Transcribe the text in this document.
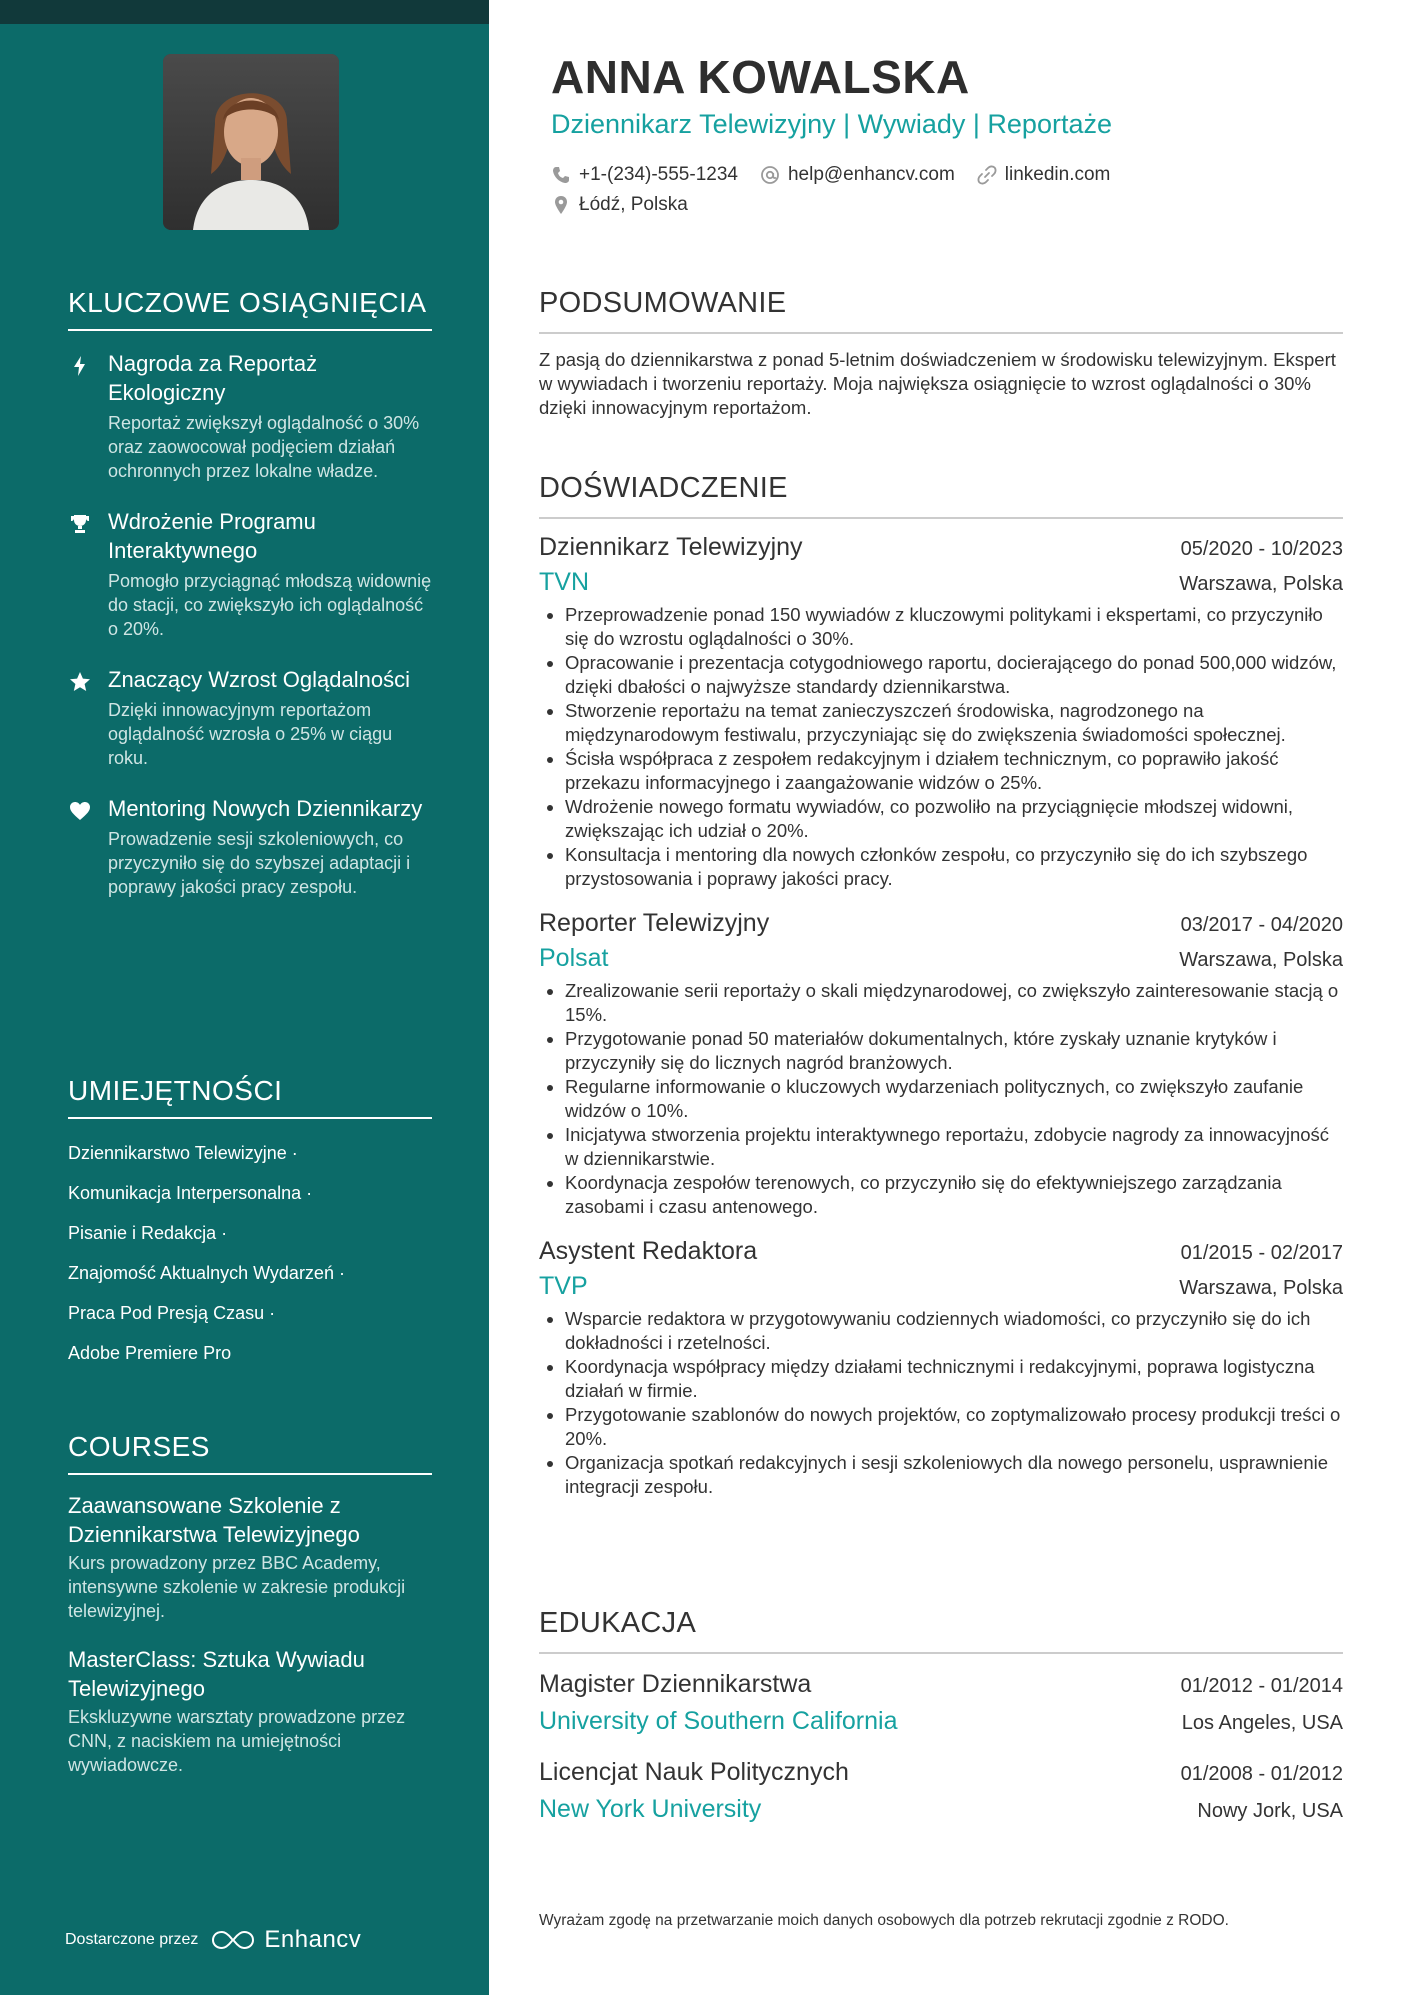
KLUCZOWE OSIĄGNIĘCIA
Nagroda za Reportaż Ekologiczny
Reportaż zwiększył oglądalność o 30% oraz zaowocował podjęciem działań ochronnych przez lokalne władze.
Wdrożenie Programu Interaktywnego
Pomogło przyciągnąć młodszą widownię do stacji, co zwiększyło ich oglądalność o 20%.
Znaczący Wzrost Oglądalności
Dzięki innowacyjnym reportażom oglądalność wzrosła o 25% w ciągu roku.
Mentoring Nowych Dziennikarzy
Prowadzenie sesji szkoleniowych, co przyczyniło się do szybszej adaptacji i poprawy jakości pracy zespołu.
UMIEJĘTNOŚCI
Dziennikarstwo Telewizyjne ·
Komunikacja Interpersonalna ·
Pisanie i Redakcja ·
Znajomość Aktualnych Wydarzeń ·
Praca Pod Presją Czasu ·
Adobe Premiere Pro
COURSES
Zaawansowane Szkolenie z Dziennikarstwa Telewizyjnego
Kurs prowadzony przez BBC Academy, intensywne szkolenie w zakresie produkcji telewizyjnej.
MasterClass: Sztuka Wywiadu Telewizyjnego
Ekskluzywne warsztaty prowadzone przez CNN, z naciskiem na umiejętności wywiadowcze.
Dostarczone przez	Enhancv
ANNA KOWALSKA
Dziennikarz Telewizyjny | Wywiady | Reportaże
+1-(234)-555-1234	help@enhancv.com	linkedin.com
Łódź, Polska
PODSUMOWANIE
Z pasją do dziennikarstwa z ponad 5-letnim doświadczeniem w środowisku telewizyjnym. Ekspert w wywiadach i tworzeniu reportaży. Moja największa osiągnięcie to wzrost oglądalności o 30% dzięki innowacyjnym reportażom.
DOŚWIADCZENIE
Dziennikarz Telewizyjny	05/2020 - 10/2023
TVN	Warszawa, Polska
• Przeprowadzenie ponad 150 wywiadów z kluczowymi politykami i ekspertami, co przyczyniło się do wzrostu oglądalności o 30%.
• Opracowanie i prezentacja cotygodniowego raportu, docierającego do ponad 500,000 widzów, dzięki dbałości o najwyższe standardy dziennikarstwa.
• Stworzenie reportażu na temat zanieczyszczeń środowiska, nagrodzonego na międzynarodowym festiwalu, przyczyniając się do zwiększenia świadomości społecznej.
• Ścisła współpraca z zespołem redakcyjnym i działem technicznym, co poprawiło jakość przekazu informacyjnego i zaangażowanie widzów o 25%.
• Wdrożenie nowego formatu wywiadów, co pozwoliło na przyciągnięcie młodszej widowni, zwiększając ich udział o 20%.
• Konsultacja i mentoring dla nowych członków zespołu, co przyczyniło się do ich szybszego przystosowania i poprawy jakości pracy.
Reporter Telewizyjny	03/2017 - 04/2020
Polsat	Warszawa, Polska
• Zrealizowanie serii reportaży o skali międzynarodowej, co zwiększyło zainteresowanie stacją o 15%.
• Przygotowanie ponad 50 materiałów dokumentalnych, które zyskały uznanie krytyków i przyczyniły się do licznych nagród branżowych.
• Regularne informowanie o kluczowych wydarzeniach politycznych, co zwiększyło zaufanie widzów o 10%.
• Inicjatywa stworzenia projektu interaktywnego reportażu, zdobycie nagrody za innowacyjność w dziennikarstwie.
• Koordynacja zespołów terenowych, co przyczyniło się do efektywniejszego zarządzania zasobami i czasu antenowego.
Asystent Redaktora	01/2015 - 02/2017
TVP	Warszawa, Polska
• Wsparcie redaktora w przygotowywaniu codziennych wiadomości, co przyczyniło się do ich dokładności i rzetelności.
• Koordynacja współpracy między działami technicznymi i redakcyjnymi, poprawa logistyczna działań w firmie.
• Przygotowanie szablonów do nowych projektów, co zoptymalizowało procesy produkcji treści o 20%.
• Organizacja spotkań redakcyjnych i sesji szkoleniowych dla nowego personelu, usprawnienie integracji zespołu.
EDUKACJA
Magister Dziennikarstwa	01/2012 - 01/2014
University of Southern California	Los Angeles, USA
Licencjat Nauk Politycznych	01/2008 - 01/2012
New York University	Nowy Jork, USA
Wyrażam zgodę na przetwarzanie moich danych osobowych dla potrzeb rekrutacji zgodnie z RODO.
